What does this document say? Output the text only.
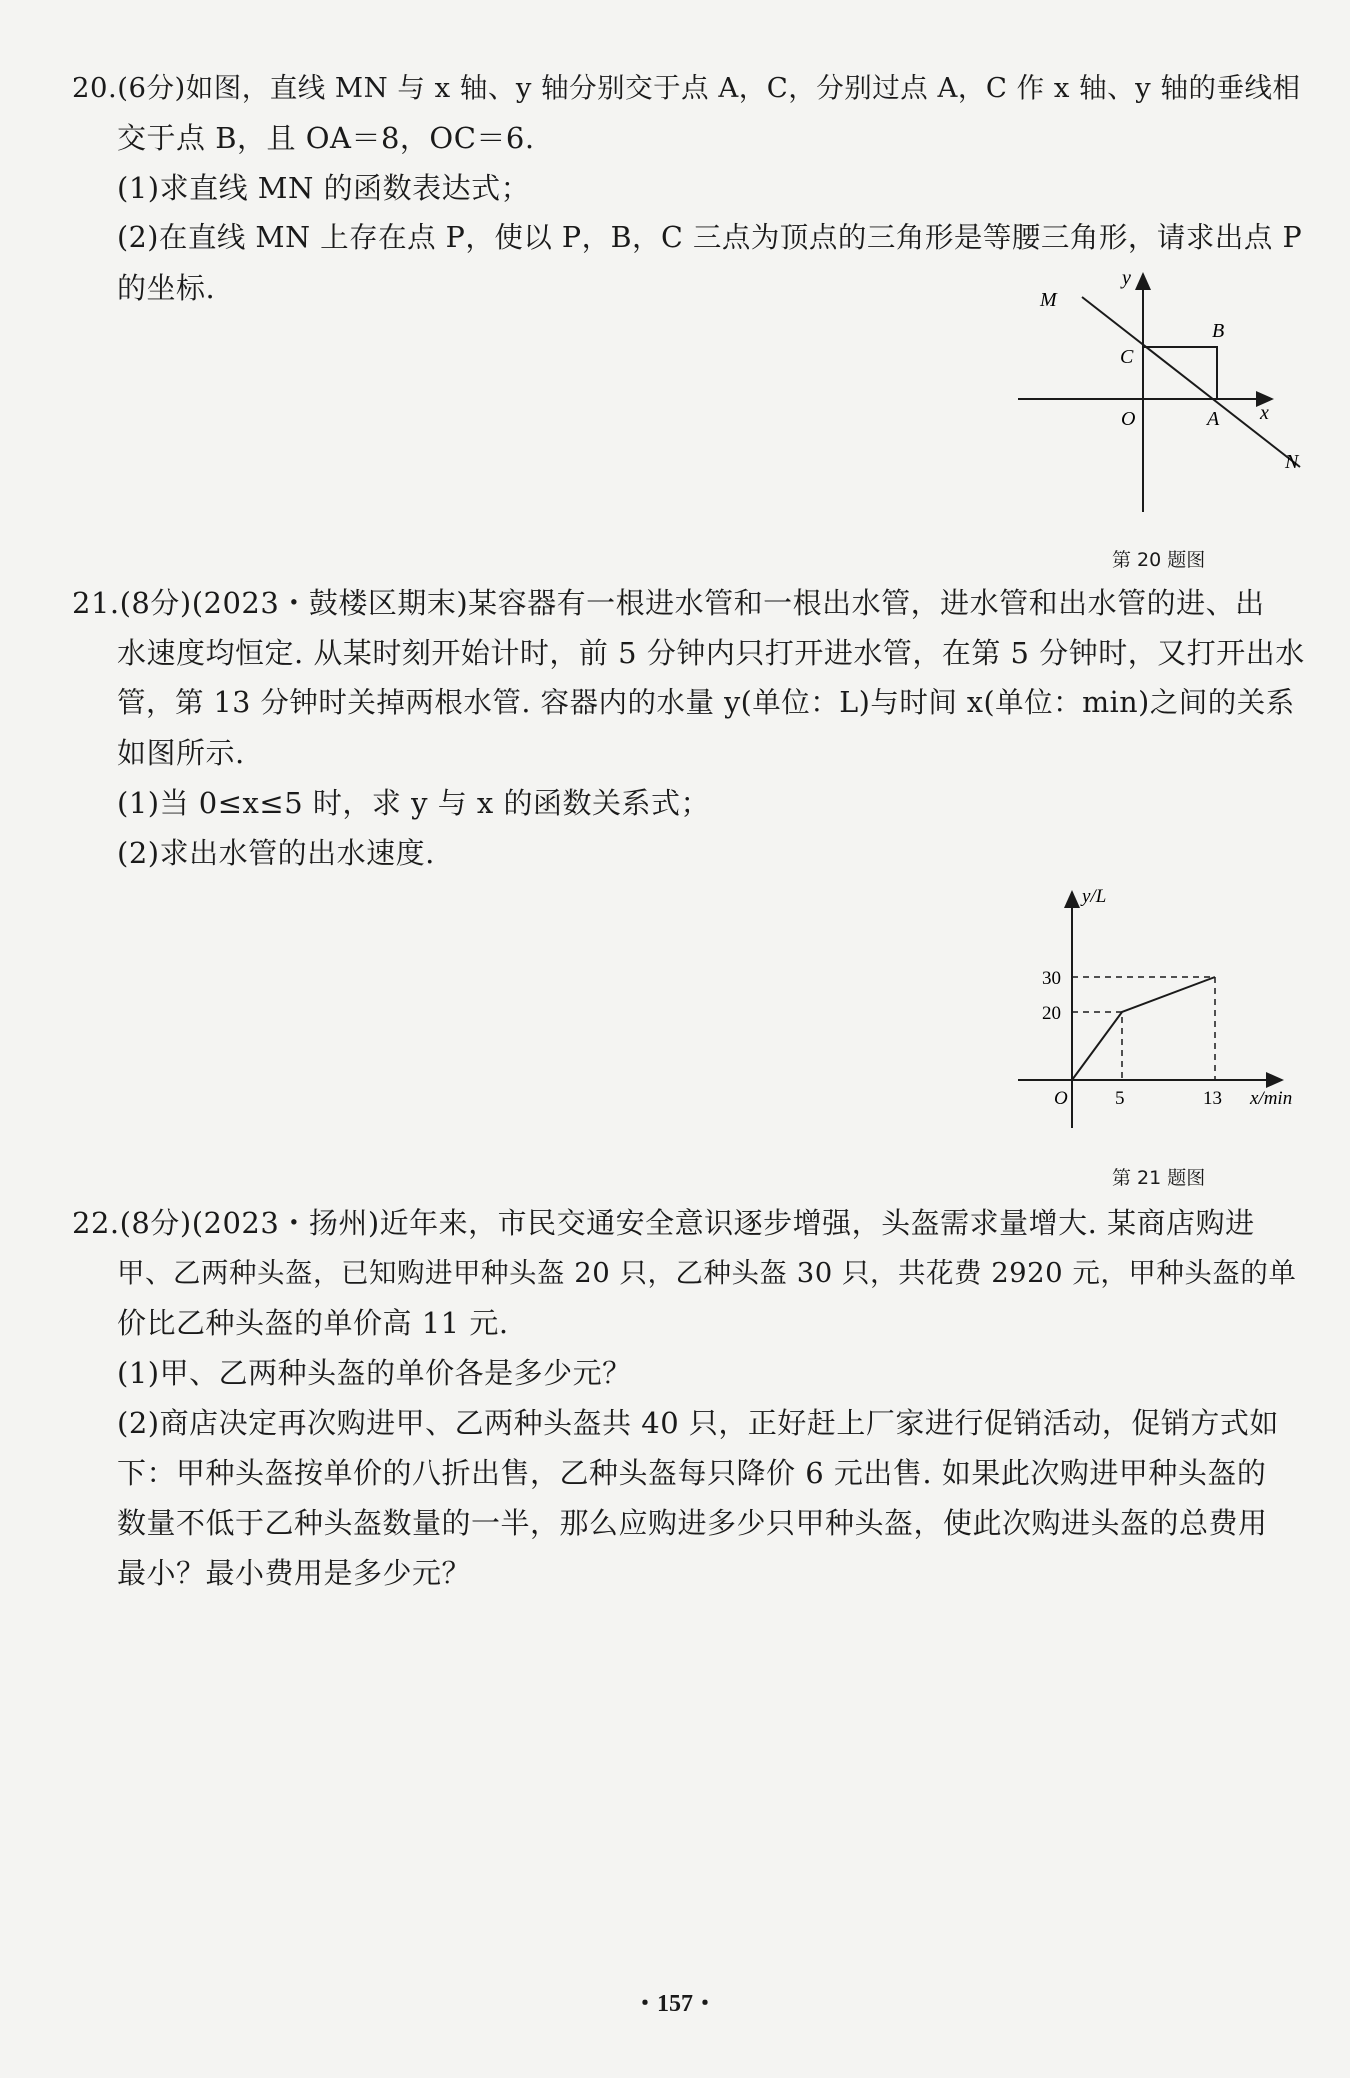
20.(6分)如图，直线 MN 与 x 轴、y 轴分别交于点 A，C，分别过点 A，C 作 x 轴、y 轴的垂线相
交于点 B，且 OA＝8，OC＝6.
(1)求直线 MN 的函数表达式；
(2)在直线 MN 上存在点 P，使以 P，B，C 三点为顶点的三角形是等腰三角形，请求出点 P
的坐标.	y
M
B
C
O	A x
N
第 20 题图
21.(8分)(2023・鼓楼区期末)某容器有一根进水管和一根出水管，进水管和出水管的进、出
水速度均恒定. 从某时刻开始计时，前 5 分钟内只打开进水管，在第 5 分钟时，又打开出水
管，第 13 分钟时关掉两根水管. 容器内的水量 y(单位：L)与时间 x(单位：min)之间的关系
如图所示.
(1)当 0≤x≤5 时，求 y 与 x 的函数关系式；
(2)求出水管的出水速度.
y/L
30
20
O 5	13 x/min
第 21 题图
22.(8分)(2023・扬州)近年来，市民交通安全意识逐步增强，头盔需求量增大. 某商店购进
甲、乙两种头盔，已知购进甲种头盔 20 只，乙种头盔 30 只，共花费 2920 元，甲种头盔的单
价比乙种头盔的单价高 11 元.
(1)甲、乙两种头盔的单价各是多少元？
(2)商店决定再次购进甲、乙两种头盔共 40 只，正好赶上厂家进行促销活动，促销方式如
下：甲种头盔按单价的八折出售，乙种头盔每只降价 6 元出售. 如果此次购进甲种头盔的
数量不低于乙种头盔数量的一半，那么应购进多少只甲种头盔，使此次购进头盔的总费用
最小？最小费用是多少元？
・157・
